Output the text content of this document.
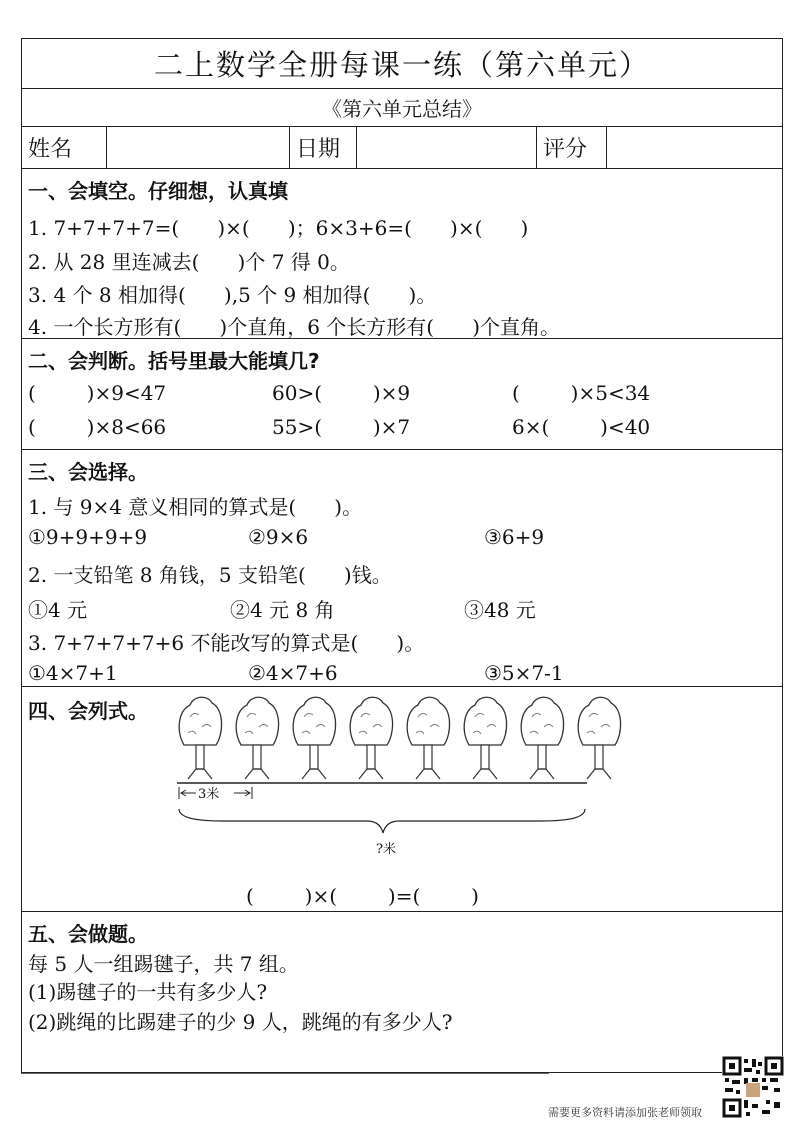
二上数学全册每课一练（第六单元）
《第六单元总结》
姓名	日期	评分
一、会填空。仔细想，认真填
1. 7+7+7+7=(      )×(      )；6×3+6=(      )×(      )
2. 从 28 里连减去(      )个 7 得 0。
3. 4 个 8 相加得(      ),5 个 9 相加得(      )。
4. 一个长方形有(      )个直角，6 个长方形有(      )个直角。
二、会判断。括号里最大能填几?
(        )×9<47	60>(        )×9	(        )×5<34
(        )×8<66	55>(        )×7	6×(        )<40
三、会选择。
1. 与 9×4 意义相同的算式是(      )。
①9+9+9+9	②9×6	③6+9
2. 一支铅笔 8 角钱，5 支铅笔(      )钱。
①4 元	②4 元 8 角	③48 元
3. 7+7+7+7+6 不能改写的算式是(      )。
①4×7+1	②4×7+6	③5×7-1
四、会列式。
3米
?米
(        )×(        )=(        )
五、会做题。
每 5 人一组踢毽子，共 7 组。
(1)踢毽子的一共有多少人?
(2)跳绳的比踢建子的少 9 人，跳绳的有多少人?
需要更多资料请添加张老师领取
